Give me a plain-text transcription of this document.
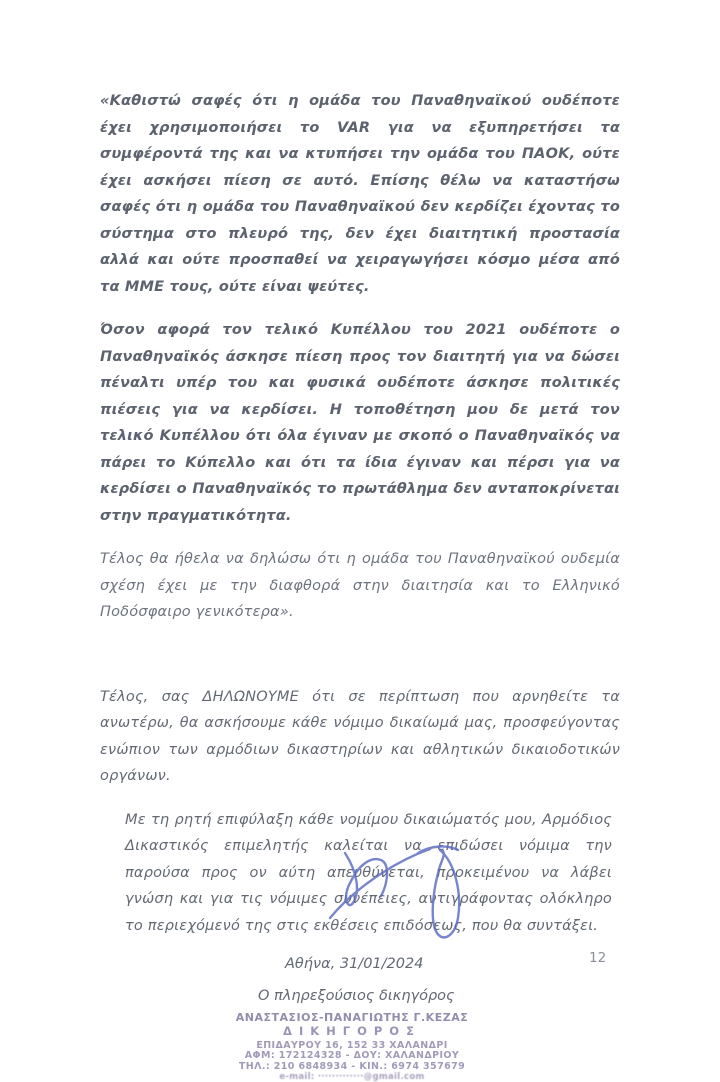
«Καθιστώ σαφές ότι η ομάδα του Παναθηναϊκού ουδέποτε έχει χρησιμοποιήσει το VAR για να εξυπηρετήσει τα συμφέροντά της και να κτυπήσει την ομάδα του ΠΑΟΚ, ούτε έχει ασκήσει πίεση σε αυτό. Επίσης θέλω να καταστήσω σαφές ότι η ομάδα του Παναθηναϊκού δεν κερδίζει έχοντας το σύστημα στο πλευρό της, δεν έχει διαιτητική προστασία αλλά και ούτε προσπαθεί να χειραγωγήσει κόσμο μέσα από τα ΜΜΕ τους, ούτε είναι ψεύτες.

Όσον αφορά τον τελικό Κυπέλλου του 2021 ουδέποτε ο Παναθηναϊκός άσκησε πίεση προς τον διαιτητή για να δώσει πέναλτι υπέρ του και φυσικά ουδέποτε άσκησε πολιτικές πιέσεις για να κερδίσει. Η τοποθέτηση μου δε μετά τον τελικό Κυπέλλου ότι όλα έγιναν με σκοπό ο Παναθηναϊκός να πάρει το Κύπελλο και ότι τα ίδια έγιναν και πέρσι για να κερδίσει ο Παναθηναϊκός το πρωτάθλημα δεν ανταποκρίνεται στην πραγματικότητα.

Τέλος θα ήθελα να δηλώσω ότι η ομάδα του Παναθηναϊκού ουδεμία σχέση έχει με την διαφθορά στην διαιτησία και το Ελληνικό Ποδόσφαιρο γενικότερα».

Τέλος, σας ΔΗΛΩΝΟΥΜΕ ότι σε περίπτωση που αρνηθείτε τα ανωτέρω, θα ασκήσουμε κάθε νόμιμο δικαίωμά μας, προσφεύγοντας ενώπιον των αρμόδιων δικαστηρίων και αθλητικών δικαιοδοτικών οργάνων.

Με τη ρητή επιφύλαξη κάθε νομίμου δικαιώματός μου, Αρμόδιος Δικαστικός επιμελητής καλείται να επιδώσει νόμιμα την παρούσα προς ον αύτη απευθύνεται, προκειμένου να λάβει γνώση και για τις νόμιμες συνέπειες, αντιγράφοντας ολόκληρο το περιεχόμενό της στις εκθέσεις επιδόσεως, που θα συντάξει.

Αθήνα, 31/01/2024
Ο πληρεξούσιος δικηγόρος
ΑΝΑΣΤΑΣΙΟΣ-ΠΑΝΑΓΙΩΤΗΣ Γ.ΚΕΖΑΣ
ΔΙΚΗΓΟΡΟΣ
ΕΠΙΔΑΥΡΟΥ 16, 152 33 ΧΑΛΑΝΔΡΙ
ΑΦΜ: 172124328 - ΔΟΥ: ΧΑΛΑΝΔΡΙΟΥ
ΤΗΛ.: 210 6848934 - ΚΙΝ.: 6974 357679
e-mail: ·············@gmail.com
12
